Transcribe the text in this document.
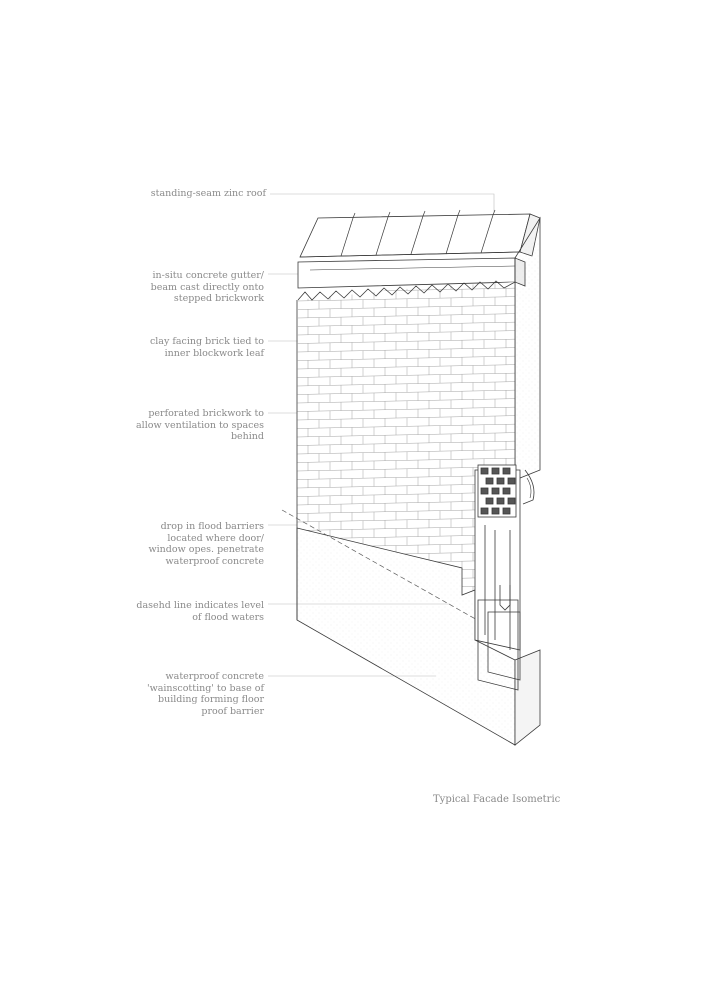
standing-seam zinc roof
in-situ concrete gutter/
beam cast directly onto
stepped brickwork
clay facing brick tied to
inner blockwork leaf
perforated brickwork to
allow ventilation to spaces
behind
drop in flood barriers
located where door/
window opes. penetrate
waterproof concrete
dasehd line indicates level
of flood waters
waterproof concrete
'wainscotting' to base of
building forming floor
proof barrier
Typical Facade Isometric
